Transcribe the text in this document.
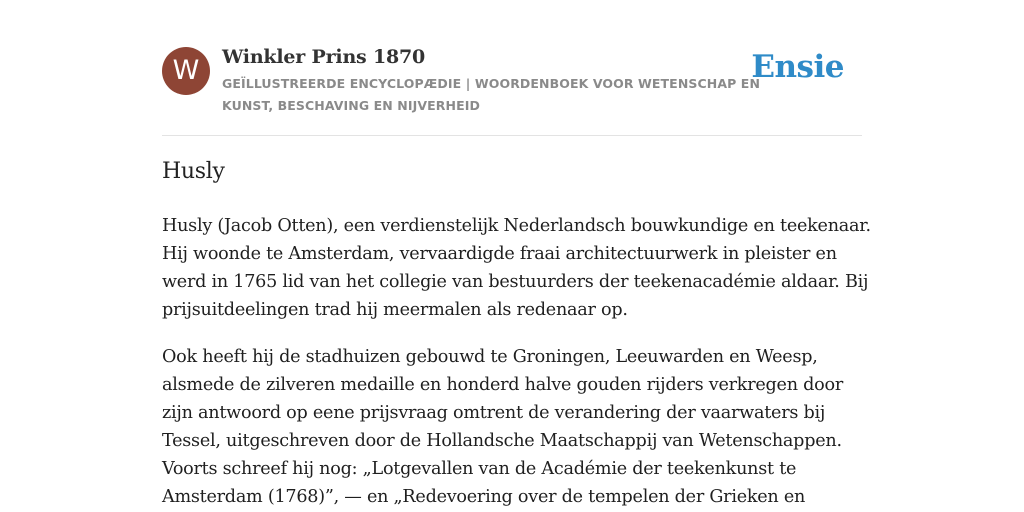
W	Winkler Prins 1870

GEÏLLUSTREERDE ENCYCLOPÆDIE | WOORDENBOEK VOOR WETENSCHAP EN KUNST, BESCHAVING EN NIJVERHEID

Ensie
Husly

Husly (Jacob Otten), een verdienstelijk Nederlandsch bouwkundige en teekenaar. Hij woonde te Amsterdam, vervaardigde fraai architectuurwerk in pleister en werd in 1765 lid van het collegie van bestuurders der teekenacadémie aldaar. Bij prijsuitdeelingen trad hij meermalen als redenaar op.

Ook heeft hij de stadhuizen gebouwd te Groningen, Leeuwarden en Weesp, alsmede de zilveren medaille en honderd halve gouden rijders verkregen door zijn antwoord op eene prijsvraag omtrent de verandering der vaarwaters bij Tessel, uitgeschreven door de Hollandsche Maatschappij van Wetenschappen. Voorts schreef hij nog: „Lotgevallen van de Académie der teekenkunst te Amsterdam (1768)”, — en „Redevoering over de tempelen der Grieken en
